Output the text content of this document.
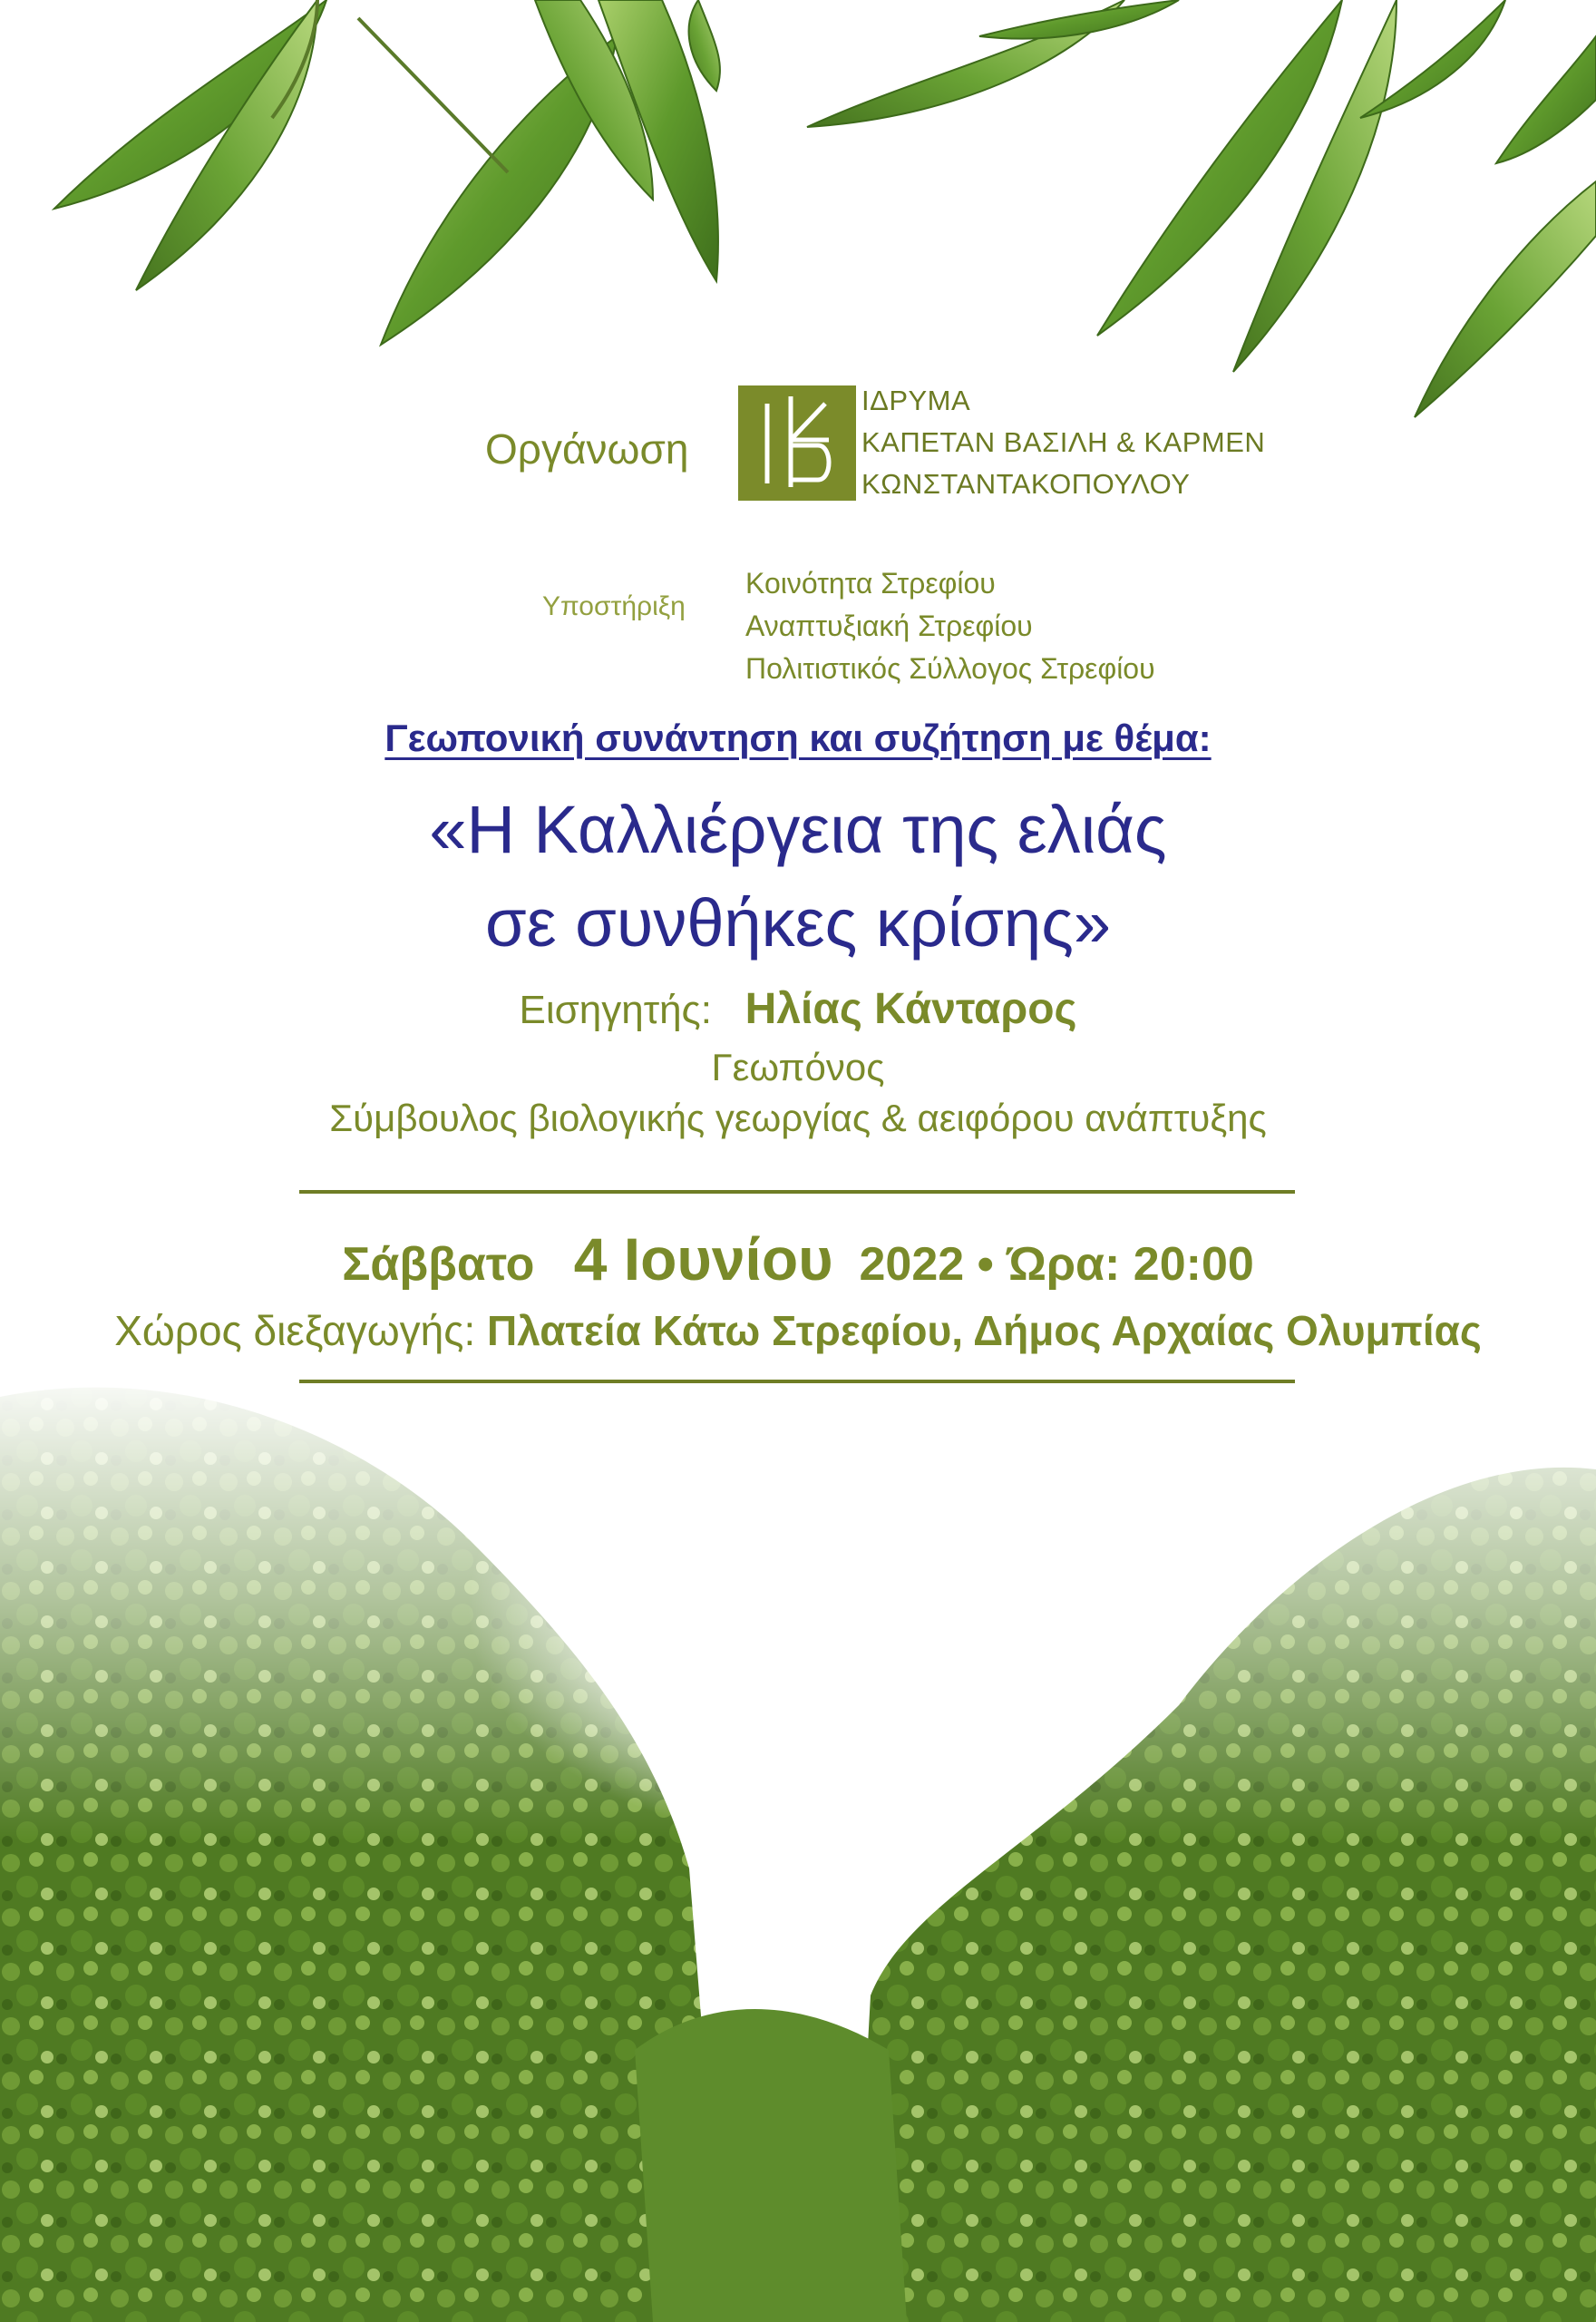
Οργάνωση
ΙΔΡΥΜΑ
ΚΑΠΕΤΑΝ ΒΑΣΙΛΗ & ΚΑΡΜΕΝ
ΚΩΝΣΤΑΝΤΑΚΟΠΟΥΛΟΥ
Υποστήριξη
Κοινότητα Στρεφίου
Αναπτυξιακή Στρεφίου
Πολιτιστικός Σύλλογος Στρεφίου
Γεωπονική συνάντηση και συζήτηση με θέμα:
«Η Καλλιέργεια της ελιάς
σε συνθήκες κρίσης»
Εισηγητής: Ηλίας Κάνταρος
Γεωπόνος
Σύμβουλος βιολογικής γεωργίας & αειφόρου ανάπτυξης
Σάββατο 4 Ιουνίου 2022 • Ώρα: 20:00
Χώρος διεξαγωγής: Πλατεία Κάτω Στρεφίου, Δήμος Αρχαίας Ολυμπίας
